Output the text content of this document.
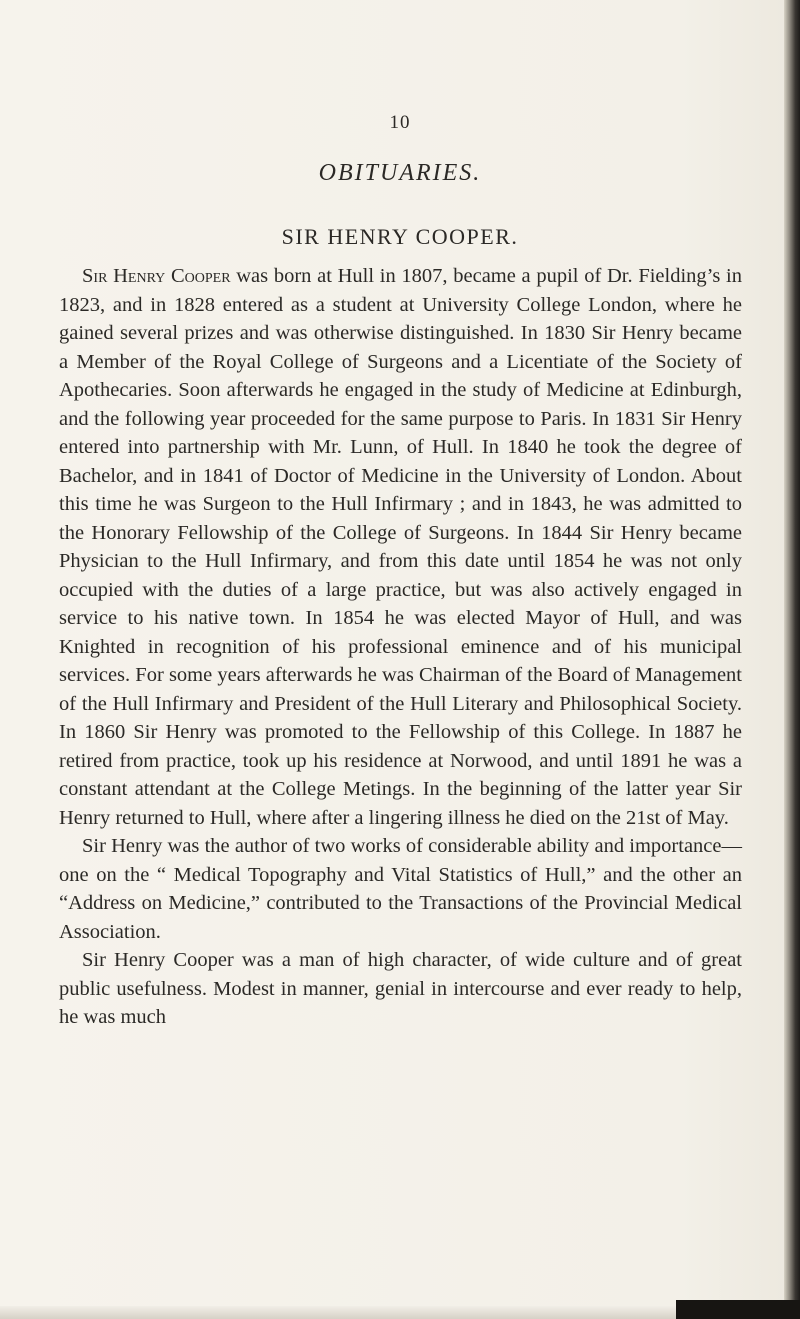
10
OBITUARIES.
SIR HENRY COOPER.

Sir Henry Cooper was born at Hull in 1807, became a pupil of Dr. Fielding’s in 1823, and in 1828 entered as a student at University College London, where he gained several prizes and was otherwise distinguished. In 1830 Sir Henry became a Member of the Royal College of Surgeons and a Licentiate of the Society of Apothecaries. Soon afterwards he engaged in the study of Medicine at Edinburgh, and the following year proceeded for the same purpose to Paris. In 1831 Sir Henry entered into partnership with Mr. Lunn, of Hull. In 1840 he took the degree of Bachelor, and in 1841 of Doctor of Medicine in the University of London. About this time he was Surgeon to the Hull Infirmary ; and in 1843, he was admitted to the Honorary Fellowship of the College of Surgeons. In 1844 Sir Henry became Physician to the Hull Infirmary, and from this date until 1854 he was not only occupied with the duties of a large practice, but was also actively engaged in service to his native town. In 1854 he was elected Mayor of Hull, and was Knighted in recognition of his professional eminence and of his municipal services. For some years afterwards he was Chairman of the Board of Management of the Hull Infirmary and President of the Hull Literary and Philosophical Society. In 1860 Sir Henry was promoted to the Fellowship of this College. In 1887 he retired from practice, took up his residence at Norwood, and until 1891 he was a constant attendant at the College Metings. In the beginning of the latter year Sir Henry returned to Hull, where after a lingering illness he died on the 21st of May.

Sir Henry was the author of two works of considerable ability and importance—one on the “ Medical Topography and Vital Statistics of Hull,” and the other an “Address on Medicine,” contributed to the Transactions of the Provincial Medical Association.

Sir Henry Cooper was a man of high character, of wide culture and of great public usefulness. Modest in manner, genial in intercourse and ever ready to help, he was much
